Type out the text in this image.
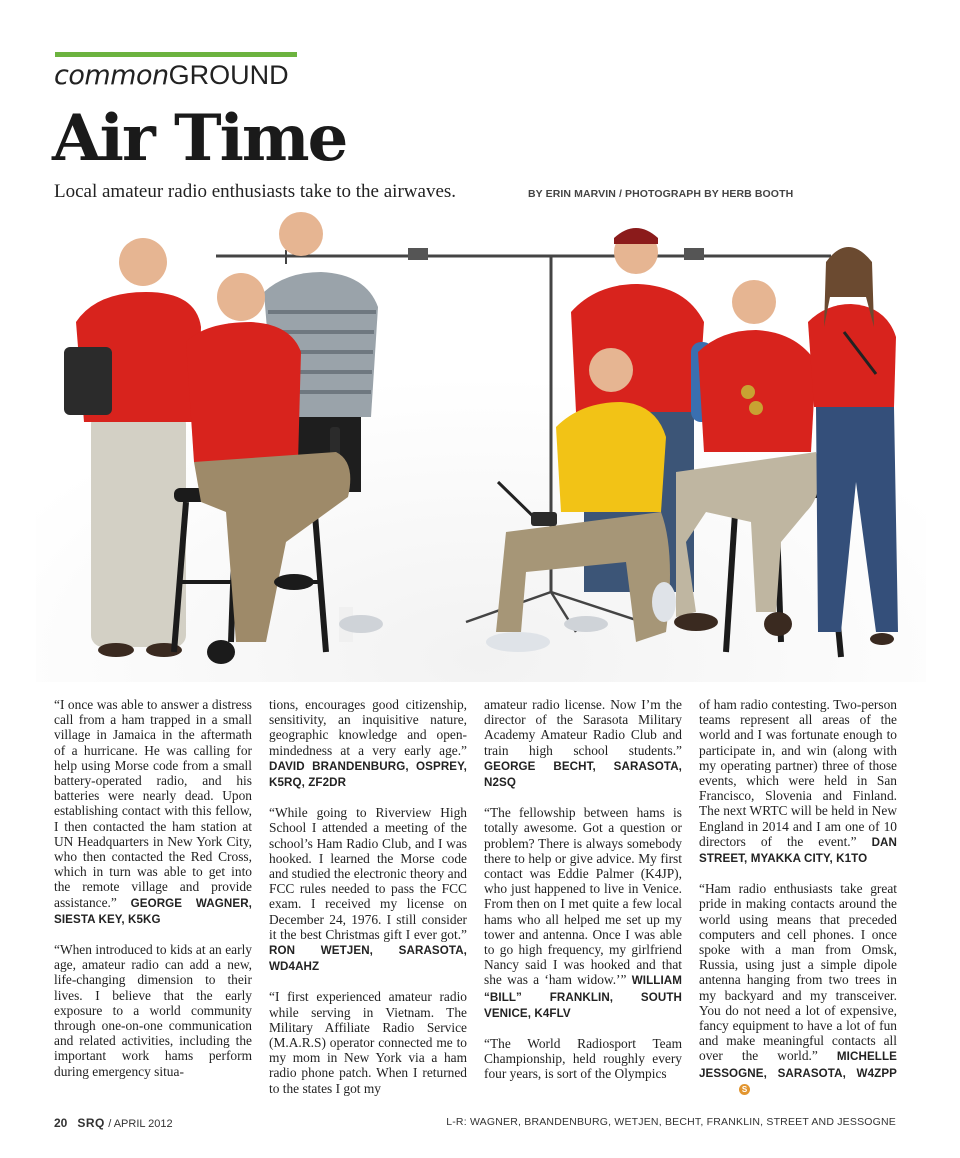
commonGROUND
Air Time
Local amateur radio enthusiasts take to the airwaves.	BY ERIN MARVIN / PHOTOGRAPH BY HERB BOOTH

“I once was able to answer a distress call from a ham trapped in a small village in Jamaica in the aftermath of a hurricane. He was calling for help using Morse code from a small battery-operated radio, and his batteries were nearly dead. Upon establishing contact with this fellow, I then contacted the ham station at UN Headquarters in New York City, who then contacted the Red Cross, which in turn was able to get into the remote village and provide assistance.” GEORGE WAGNER, SIESTA KEY, K5KG

“When introduced to kids at an early age, amateur radio can add a new, life-changing dimension to their lives. I believe that the early exposure to a world community through one-on-one communication and related activities, including the important work hams perform during emergency situa-

tions, encourages good citizenship, sensitivity, an inquisitive nature, geographic knowledge and open-mindedness at a very early age.” DAVID BRANDENBURG, OSPREY, K5RQ, ZF2DR

“While going to Riverview High School I attended a meeting of the school’s Ham Radio Club, and I was hooked. I learned the Morse code and studied the electronic theory and FCC rules needed to pass the FCC exam. I received my license on December 24, 1976. I still consider it the best Christmas gift I ever got.” RON WETJEN, SARASOTA, WD4AHZ

“I first experienced amateur radio while serving in Vietnam. The Military Affiliate Radio Service (M.A.R.S) operator connected me to my mom in New York via a ham radio phone patch. When I returned to the states I got my

amateur radio license. Now I’m the director of the Sarasota Military Academy Amateur Radio Club and train high school students.” GEORGE BECHT, SARASOTA, N2SQ

“The fellowship between hams is totally awesome. Got a question or problem? There is always somebody there to help or give advice. My first contact was Eddie Palmer (K4JP), who just happened to live in Venice. From then on I met quite a few local hams who all helped me set up my tower and antenna. Once I was able to go high frequency, my girlfriend Nancy said I was hooked and that she was a ‘ham widow.’” WILLIAM “BILL” FRANKLIN, SOUTH VENICE, K4FLV

“The World Radiosport Team Championship, held roughly every four years, is sort of the Olympics

of ham radio contesting. Two-person teams represent all areas of the world and I was fortunate enough to participate in, and win (along with my operating partner) three of those events, which were held in San Francisco, Slovenia and Finland. The next WRTC will be held in New England in 2014 and I am one of 10 directors of the event.” DAN STREET, MYAKKA CITY, K1TO

“Ham radio enthusiasts take great pride in making contacts around the world using means that preceded computers and cell phones. I once spoke with a man from Omsk, Russia, using just a simple dipole antenna hanging from two trees in my backyard and my transceiver. You do not need a lot of expensive, fancy equipment to have a lot of fun and make meaningful contacts all over the world.” MICHELLE JESSOGNE, SARASOTA, W4ZPPS

20 SRQ / APRIL 2012	L-R: WAGNER, BRANDENBURG, WETJEN, BECHT, FRANKLIN, STREET AND JESSOGNE
